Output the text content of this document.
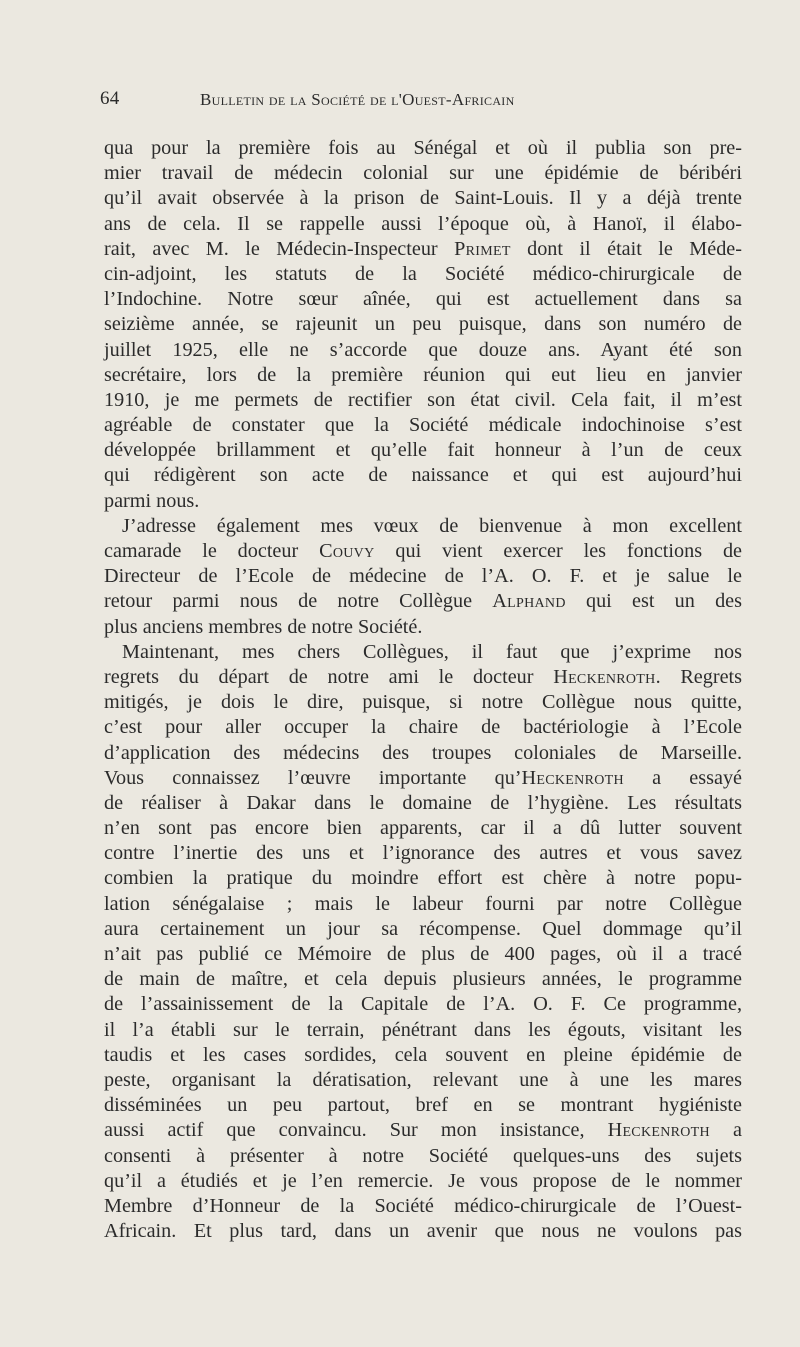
64	Bulletin de la Société de l'Ouest-Africain
qua pour la première fois au Sénégal et où il publia son pre-
mier travail de médecin colonial sur une épidémie de béribéri
qu’il avait observée à la prison de Saint-Louis. Il y a déjà trente
ans de cela. Il se rappelle aussi l’époque où, à Hanoï, il élabo-
rait, avec M. le Médecin-Inspecteur Primet dont il était le Méde-
cin-adjoint, les statuts de la Société médico-chirurgicale de
l’Indochine. Notre sœur aînée, qui est actuellement dans sa
seizième année, se rajeunit un peu puisque, dans son numéro de
juillet 1925, elle ne s’accorde que douze ans. Ayant été son
secrétaire, lors de la première réunion qui eut lieu en janvier
1910, je me permets de rectifier son état civil. Cela fait, il m’est
agréable de constater que la Société médicale indochinoise s’est
développée brillamment et qu’elle fait honneur à l’un de ceux
qui rédigèrent son acte de naissance et qui est aujourd’hui
parmi nous.
J’adresse également mes vœux de bienvenue à mon excellent
camarade le docteur Couvy qui vient exercer les fonctions de
Directeur de l’Ecole de médecine de l’A. O. F. et je salue le
retour parmi nous de notre Collègue Alphand qui est un des
plus anciens membres de notre Société.
Maintenant, mes chers Collègues, il faut que j’exprime nos
regrets du départ de notre ami le docteur Heckenroth. Regrets
mitigés, je dois le dire, puisque, si notre Collègue nous quitte,
c’est pour aller occuper la chaire de bactériologie à l’Ecole
d’application des médecins des troupes coloniales de Marseille.
Vous connaissez l’œuvre importante qu’Heckenroth a essayé
de réaliser à Dakar dans le domaine de l’hygiène. Les résultats
n’en sont pas encore bien apparents, car il a dû lutter souvent
contre l’inertie des uns et l’ignorance des autres et vous savez
combien la pratique du moindre effort est chère à notre popu-
lation sénégalaise ; mais le labeur fourni par notre Collègue
aura certainement un jour sa récompense. Quel dommage qu’il
n’ait pas publié ce Mémoire de plus de 400 pages, où il a tracé
de main de maître, et cela depuis plusieurs années, le programme
de l’assainissement de la Capitale de l’A. O. F. Ce programme,
il l’a établi sur le terrain, pénétrant dans les égouts, visitant les
taudis et les cases sordides, cela souvent en pleine épidémie de
peste, organisant la dératisation, relevant une à une les mares
disséminées un peu partout, bref en se montrant hygiéniste
aussi actif que convaincu. Sur mon insistance, Heckenroth a
consenti à présenter à notre Société quelques-uns des sujets
qu’il a étudiés et je l’en remercie. Je vous propose de le nommer
Membre d’Honneur de la Société médico-chirurgicale de l’Ouest-
Africain. Et plus tard, dans un avenir que nous ne voulons pas
